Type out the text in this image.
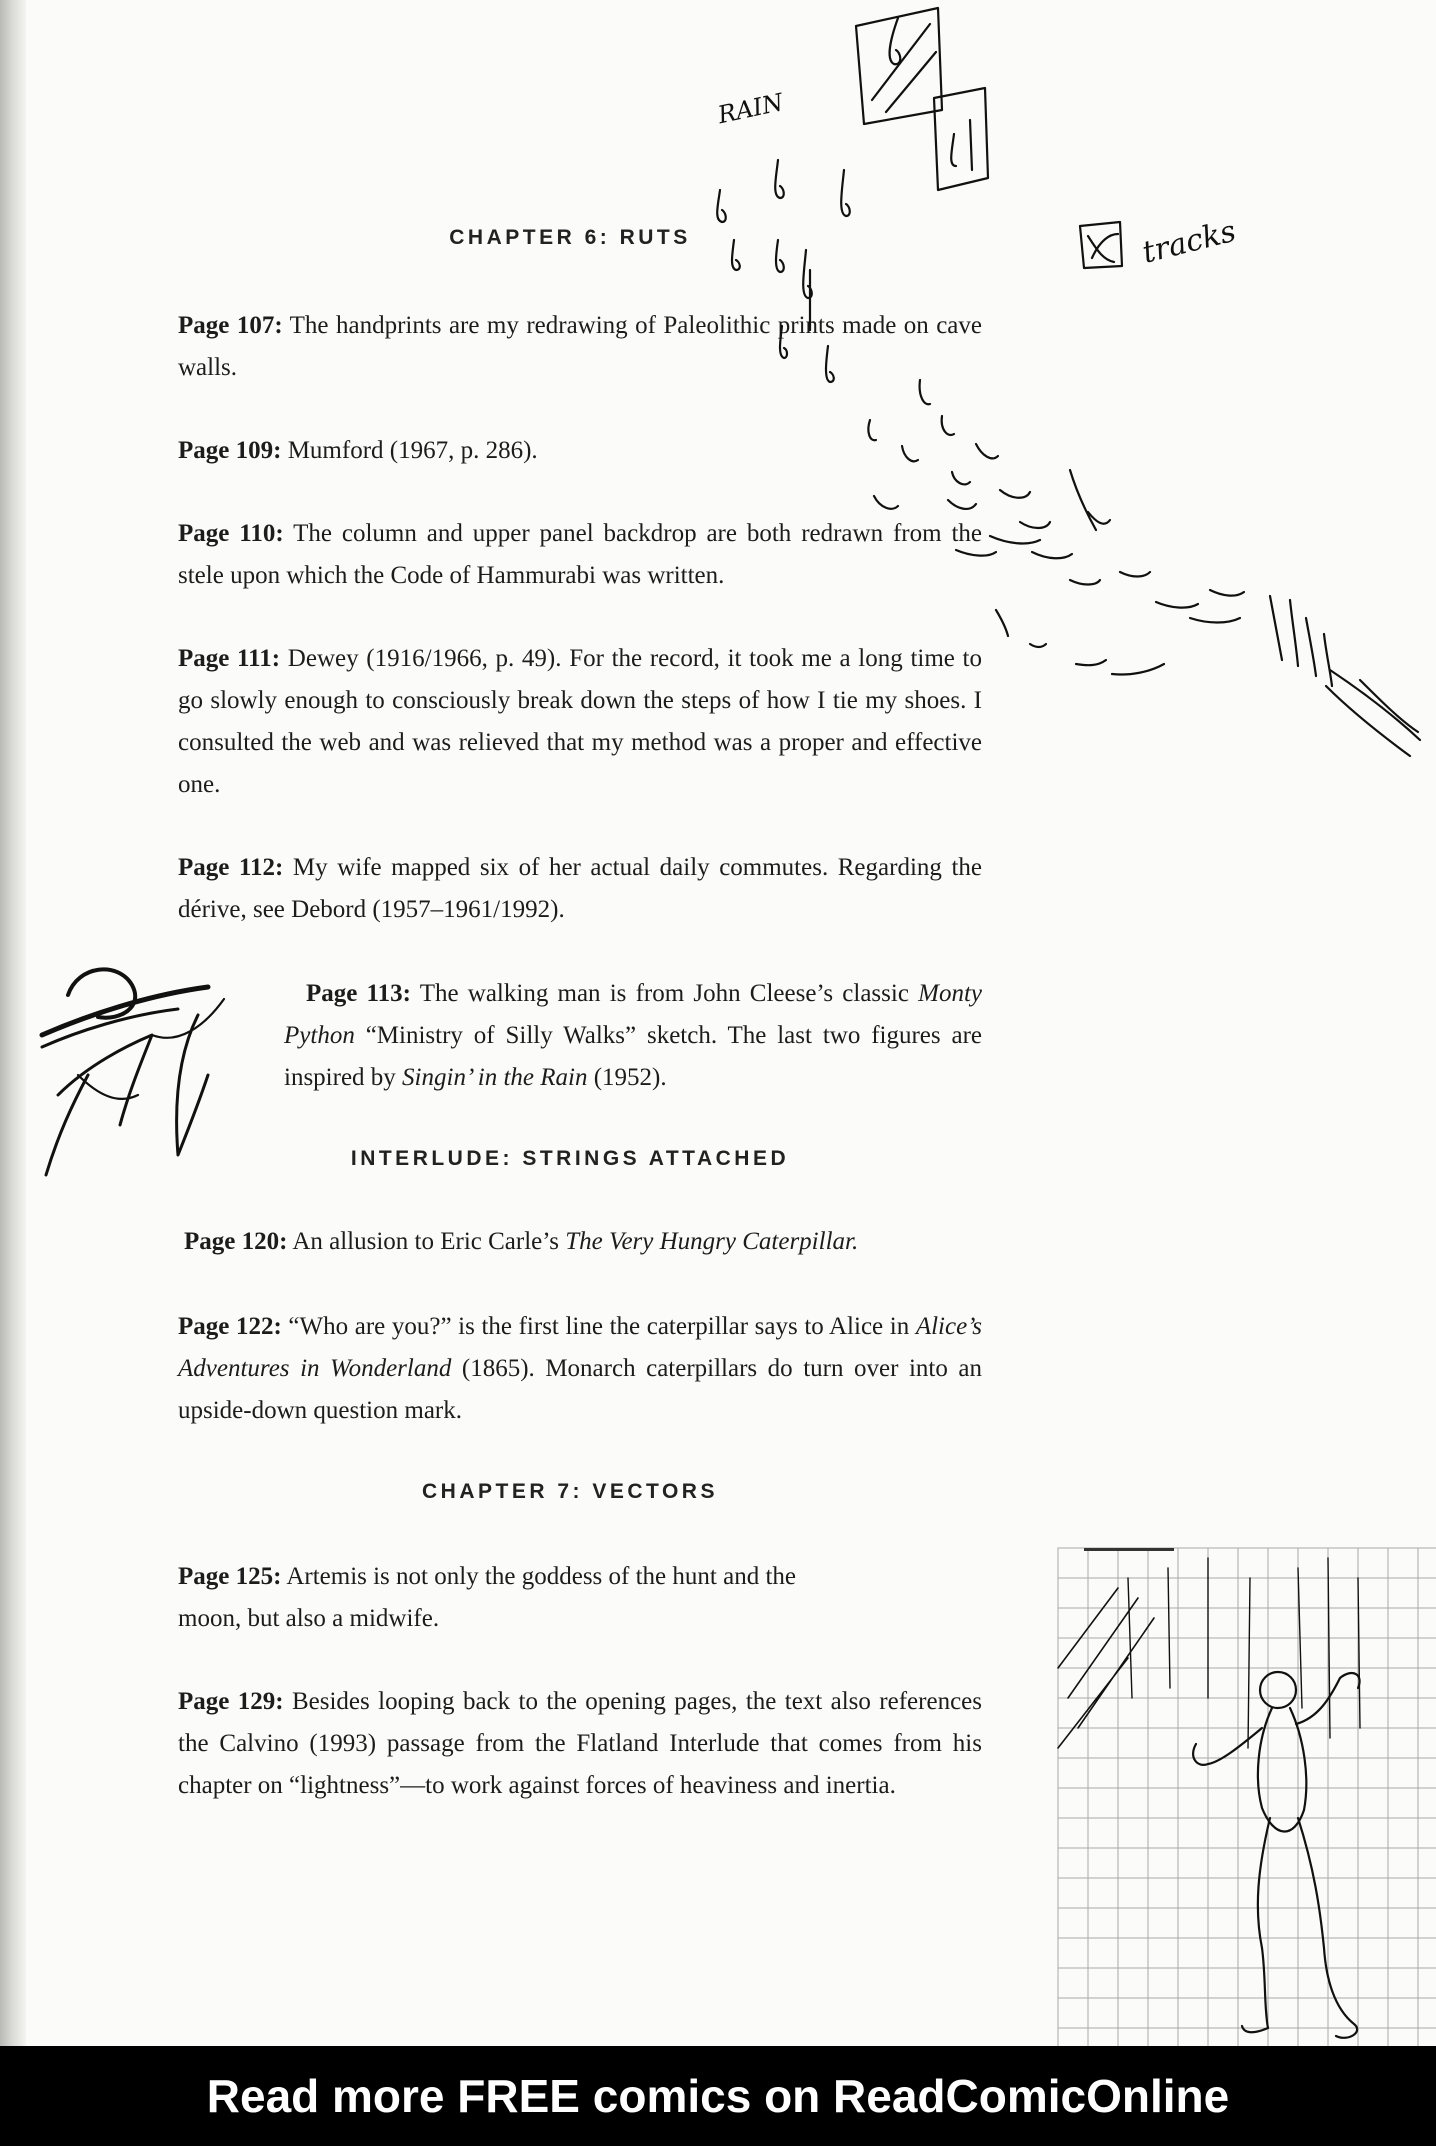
CHAPTER 6: RUTS

Page 107: The handprints are my redrawing of Paleolithic prints made on cave walls.

Page 109: Mumford (1967, p. 286).

Page 110: The column and upper panel backdrop are both redrawn from the stele upon which the Code of Hammurabi was written.

Page 111: Dewey (1916/1966, p. 49). For the record, it took me a long time to go slowly enough to consciously break down the steps of how I tie my shoes. I consulted the web and was relieved that my method was a proper and effective one.

Page 112: My wife mapped six of her actual daily commutes. Regarding the dérive, see Debord (1957–1961/1992).

Page 113: The walking man is from John Cleese’s classic Monty Python “Ministry of Silly Walks” sketch. The last two figures are inspired by Singin’ in the Rain (1952).

INTERLUDE: STRINGS ATTACHED

Page 120: An allusion to Eric Carle’s The Very Hungry Caterpillar.

Page 122: “Who are you?” is the first line the caterpillar says to Alice in Alice’s Adventures in Wonderland (1865). Monarch caterpillars do turn over into an upside-down question mark.

CHAPTER 7: VECTORS

Page 125: Artemis is not only the goddess of the hunt and the moon, but also a midwife.

Page 129: Besides looping back to the opening pages, the text also references the Calvino (1993) passage from the Flatland Interlude that comes from his chapter on “lightness”—to work against forces of heaviness and inertia.

RAIN
tracks
Read more FREE comics on ReadComicOnline
